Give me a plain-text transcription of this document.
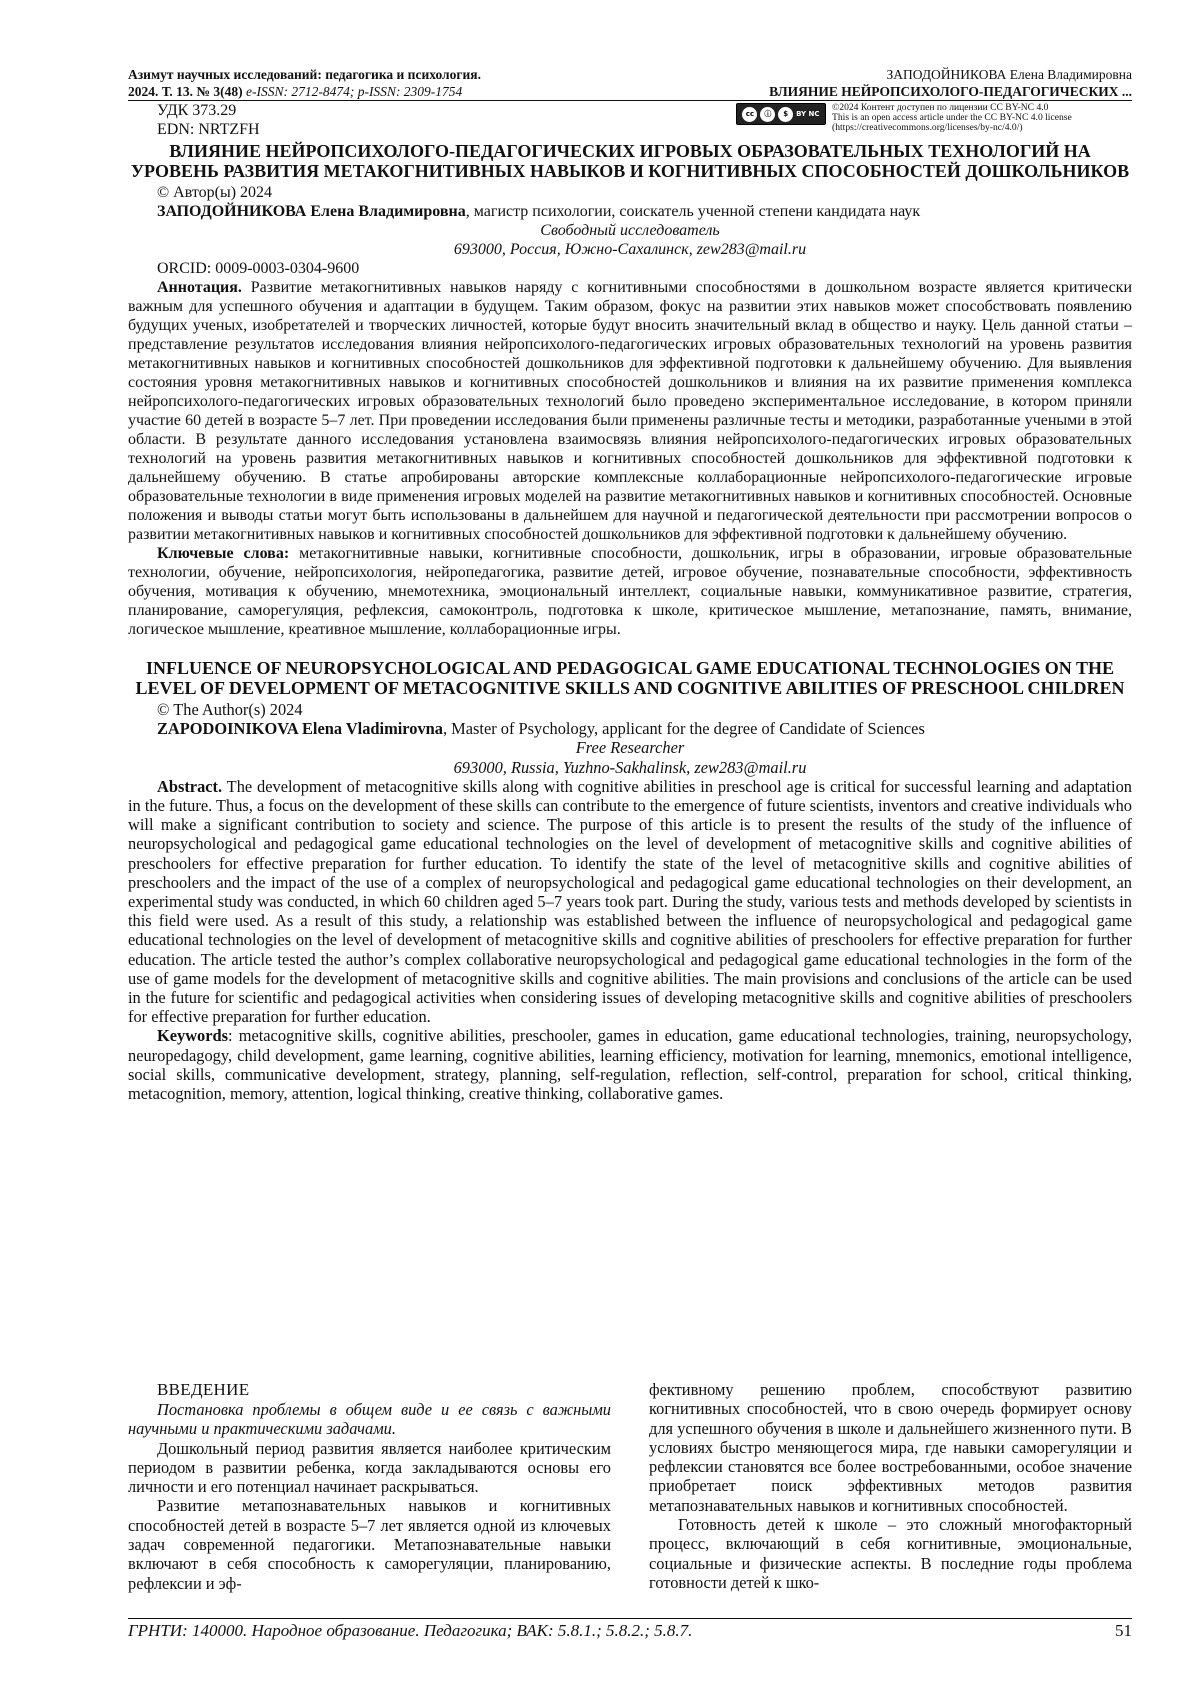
Азимут научных исследований: педагогика и психология.
2024. Т. 13. № 3(48) e-ISSN: 2712-8474; p-ISSN: 2309-1754
ЗАПОДОЙНИКОВА Елена Владимировна
ВЛИЯНИЕ НЕЙРОПСИХОЛОГО-ПЕДАГОГИЧЕСКИХ ...
УДК 373.29
EDN: NRTZFH
cc	ⓘ	$	BY NC
©2024 Контент доступен по лицензии CC BY-NC 4.0
This is an open access article under the CC BY-NC 4.0 license
(https://creativecommons.org/licenses/by-nc/4.0/)
ВЛИЯНИЕ НЕЙРОПСИХОЛОГО-ПЕДАГОГИЧЕСКИХ ИГРОВЫХ ОБРАЗОВАТЕЛЬНЫХ ТЕХНОЛОГИЙ НА УРОВЕНЬ РАЗВИТИЯ МЕТАКОГНИТИВНЫХ НАВЫКОВ И КОГНИТИВНЫХ СПОСОБНОСТЕЙ ДОШКОЛЬНИКОВ
© Автор(ы) 2024
ЗАПОДОЙНИКОВА Елена Владимировна, магистр психологии, соискатель ученной степени кандидата наук
Свободный исследователь
693000, Россия, Южно-Сахалинск, zew283@mail.ru
ORCID: 0009-0003-0304-9600

Аннотация. Развитие метакогнитивных навыков наряду с когнитивными способностями в дошкольном возрасте является критически важным для успешного обучения и адаптации в будущем. Таким образом, фокус на развитии этих навыков может способствовать появлению будущих ученых, изобретателей и творческих личностей, которые будут вносить значительный вклад в общество и науку. Цель данной статьи – представление результатов исследования влияния нейропсихолого-педагогических игровых образовательных технологий на уровень развития метакогнитивных навыков и когнитивных способностей дошкольников для эффективной подготовки к дальнейшему обучению. Для выявления состояния уровня метакогнитивных навыков и когнитивных способностей дошкольников и влияния на их развитие применения комплекса нейропсихолого-педагогических игровых образовательных технологий было проведено экспериментальное исследование, в котором приняли участие 60 детей в возрасте 5–7 лет. При проведении исследования были применены различные тесты и методики, разработанные учеными в этой области. В результате данного исследования установлена взаимосвязь влияния нейропсихолого-педагогических игровых образовательных технологий на уровень развития метакогнитивных навыков и когнитивных способностей дошкольников для эффективной подготовки к дальнейшему обучению. В статье апробированы авторские комплексные коллаборационные нейропсихолого-педагогические игровые образовательные технологии в виде применения игровых моделей на развитие метакогнитивных навыков и когнитивных способностей. Основные положения и выводы статьи могут быть использованы в дальнейшем для научной и педагогической деятельности при рассмотрении вопросов о развитии метакогнитивных навыков и когнитивных способностей дошкольников для эффективной подготовки к дальнейшему обучению.

Ключевые слова: метакогнитивные навыки, когнитивные способности, дошкольник, игры в образовании, игровые образовательные технологии, обучение, нейропсихология, нейропедагогика, развитие детей, игровое обучение, познавательные способности, эффективность обучения, мотивация к обучению, мнемотехника, эмоциональный интеллект, социальные навыки, коммуникативное развитие, стратегия, планирование, саморегуляция, рефлексия, самоконтроль, подготовка к школе, критическое мышление, метапознание, память, внимание, логическое мышление, креативное мышление, коллаборационные игры.

INFLUENCE OF NEUROPSYCHOLOGICAL AND PEDAGOGICAL GAME EDUCATIONAL TECHNOLOGIES ON THE LEVEL OF DEVELOPMENT OF METACOGNITIVE SKILLS AND COGNITIVE ABILITIES OF PRESCHOOL CHILDREN
© The Author(s) 2024
ZAPODOINIKOVA Elena Vladimirovna, Master of Psychology, applicant for the degree of Candidate of Sciences
Free Researcher
693000, Russia, Yuzhno-Sakhalinsk, zew283@mail.ru

Abstract. The development of metacognitive skills along with cognitive abilities in preschool age is critical for successful learning and adaptation in the future. Thus, a focus on the development of these skills can contribute to the emergence of future scientists, inventors and creative individuals who will make a significant contribution to society and science. The purpose of this article is to present the results of the study of the influence of neuropsychological and pedagogical game educational technologies on the level of development of metacognitive skills and cognitive abilities of preschoolers for effective preparation for further education. To identify the state of the level of metacognitive skills and cognitive abilities of preschoolers and the impact of the use of a complex of neuropsychological and pedagogical game educational technologies on their development, an experimental study was conducted, in which 60 children aged 5–7 years took part. During the study, various tests and methods developed by scientists in this field were used. As a result of this study, a relationship was established between the influence of neuropsychological and pedagogical game educational technologies on the level of development of metacognitive skills and cognitive abilities of preschoolers for effective preparation for further education. The article tested the author’s complex collaborative neuropsychological and pedagogical game educational technologies in the form of the use of game models for the development of metacognitive skills and cognitive abilities. The main provisions and conclusions of the article can be used in the future for scientific and pedagogical activities when considering issues of developing metacognitive skills and cognitive abilities of preschoolers for effective preparation for further education.

Keywords: metacognitive skills, cognitive abilities, preschooler, games in education, game educational technologies, training, neuropsychology, neuropedagogy, child development, game learning, cognitive abilities, learning efficiency, motivation for learning, mnemonics, emotional intelligence, social skills, communicative development, strategy, planning, self-regulation, reflection, self-control, preparation for school, critical thinking, metacognition, memory, attention, logical thinking, creative thinking, collaborative games.

ВВЕДЕНИЕ

Постановка проблемы в общем виде и ее связь с важными научными и практическими задачами.

Дошкольный период развития является наиболее критическим периодом в развитии ребенка, когда закладываются основы его личности и его потенциал начинает раскрываться.

Развитие метапознавательных навыков и когнитивных способностей детей в возрасте 5–7 лет является одной из ключевых задач современной педагогики. Метапознавательные навыки включают в себя способность к саморегуляции, планированию, рефлексии и эф-

фективному решению проблем, способствуют развитию когнитивных способностей, что в свою очередь формирует основу для успешного обучения в школе и дальнейшего жизненного пути. В условиях быстро меняющегося мира, где навыки саморегуляции и рефлексии становятся все более востребованными, особое значение приобретает поиск эффективных методов развития метапознавательных навыков и когнитивных способностей.

Готовность детей к школе – это сложный многофакторный процесс, включающий в себя когнитивные, эмоциональные, социальные и физические аспекты. В последние годы проблема готовности детей к шко-

ГРНТИ: 140000. Народное образование. Педагогика; ВАК: 5.8.1.; 5.8.2.; 5.8.7.	51
